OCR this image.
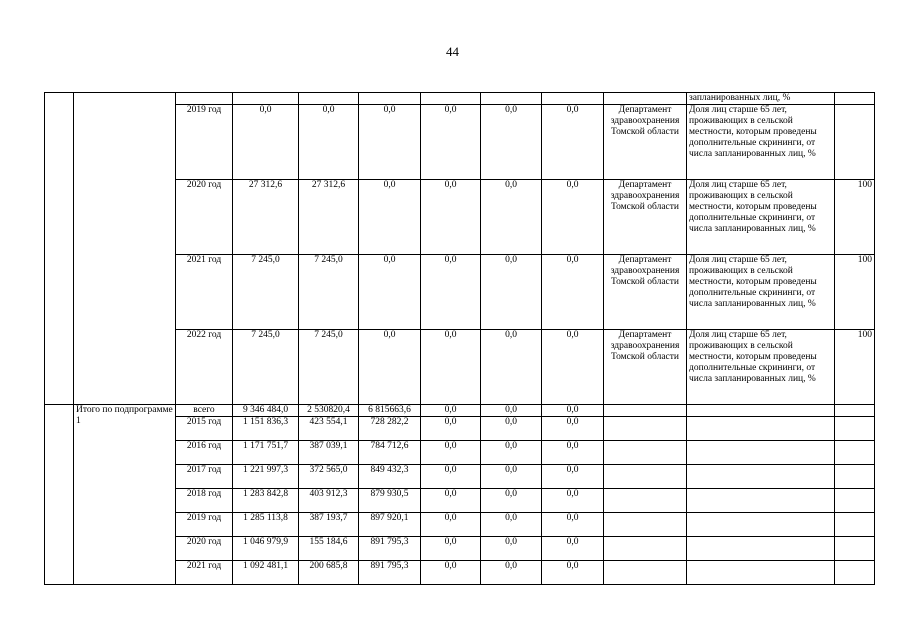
44
										запланированных лиц, %	
		2019 год	0,0	0,0	0,0	0,0	0,0	0,0	Департамент здравоохранения Томской области	Доля лиц старше 65 лет, проживающих в сельской местности, которым проведены дополнительные скрининги, от числа запланированных лиц, %	
		2020 год	27 312,6	27 312,6	0,0	0,0	0,0	0,0	Департамент здравоохранения Томской области	Доля лиц старше 65 лет, проживающих в сельской местности, которым проведены дополнительные скрининги, от числа запланированных лиц, %	100
		2021 год	7 245,0	7 245,0	0,0	0,0	0,0	0,0	Департамент здравоохранения Томской области	Доля лиц старше 65 лет, проживающих в сельской местности, которым проведены дополнительные скрининги, от числа запланированных лиц, %	100
		2022 год	7 245,0	7 245,0	0,0	0,0	0,0	0,0	Департамент здравоохранения Томской области	Доля лиц старше 65 лет, проживающих в сельской местности, которым проведены дополнительные скрининги, от числа запланированных лиц, %	100
	Итого по подпрограмме 1	всего	9 346 484,0	2 530820,4	6 815663,6	0,0	0,0	0,0			
		2015 год	1 151 836,3	423 554,1	728 282,2	0,0	0,0	0,0			
		2016 год	1 171 751,7	387 039,1	784 712,6	0,0	0,0	0,0			
		2017 год	1 221 997,3	372 565,0	849 432,3	0,0	0,0	0,0			
		2018 год	1 283 842,8	403 912,3	879 930,5	0,0	0,0	0,0			
		2019 год	1 285 113,8	387 193,7	897 920,1	0,0	0,0	0,0			
		2020 год	1 046 979,9	155 184,6	891 795,3	0,0	0,0	0,0			
		2021 год	1 092 481,1	200 685,8	891 795,3	0,0	0,0	0,0			
